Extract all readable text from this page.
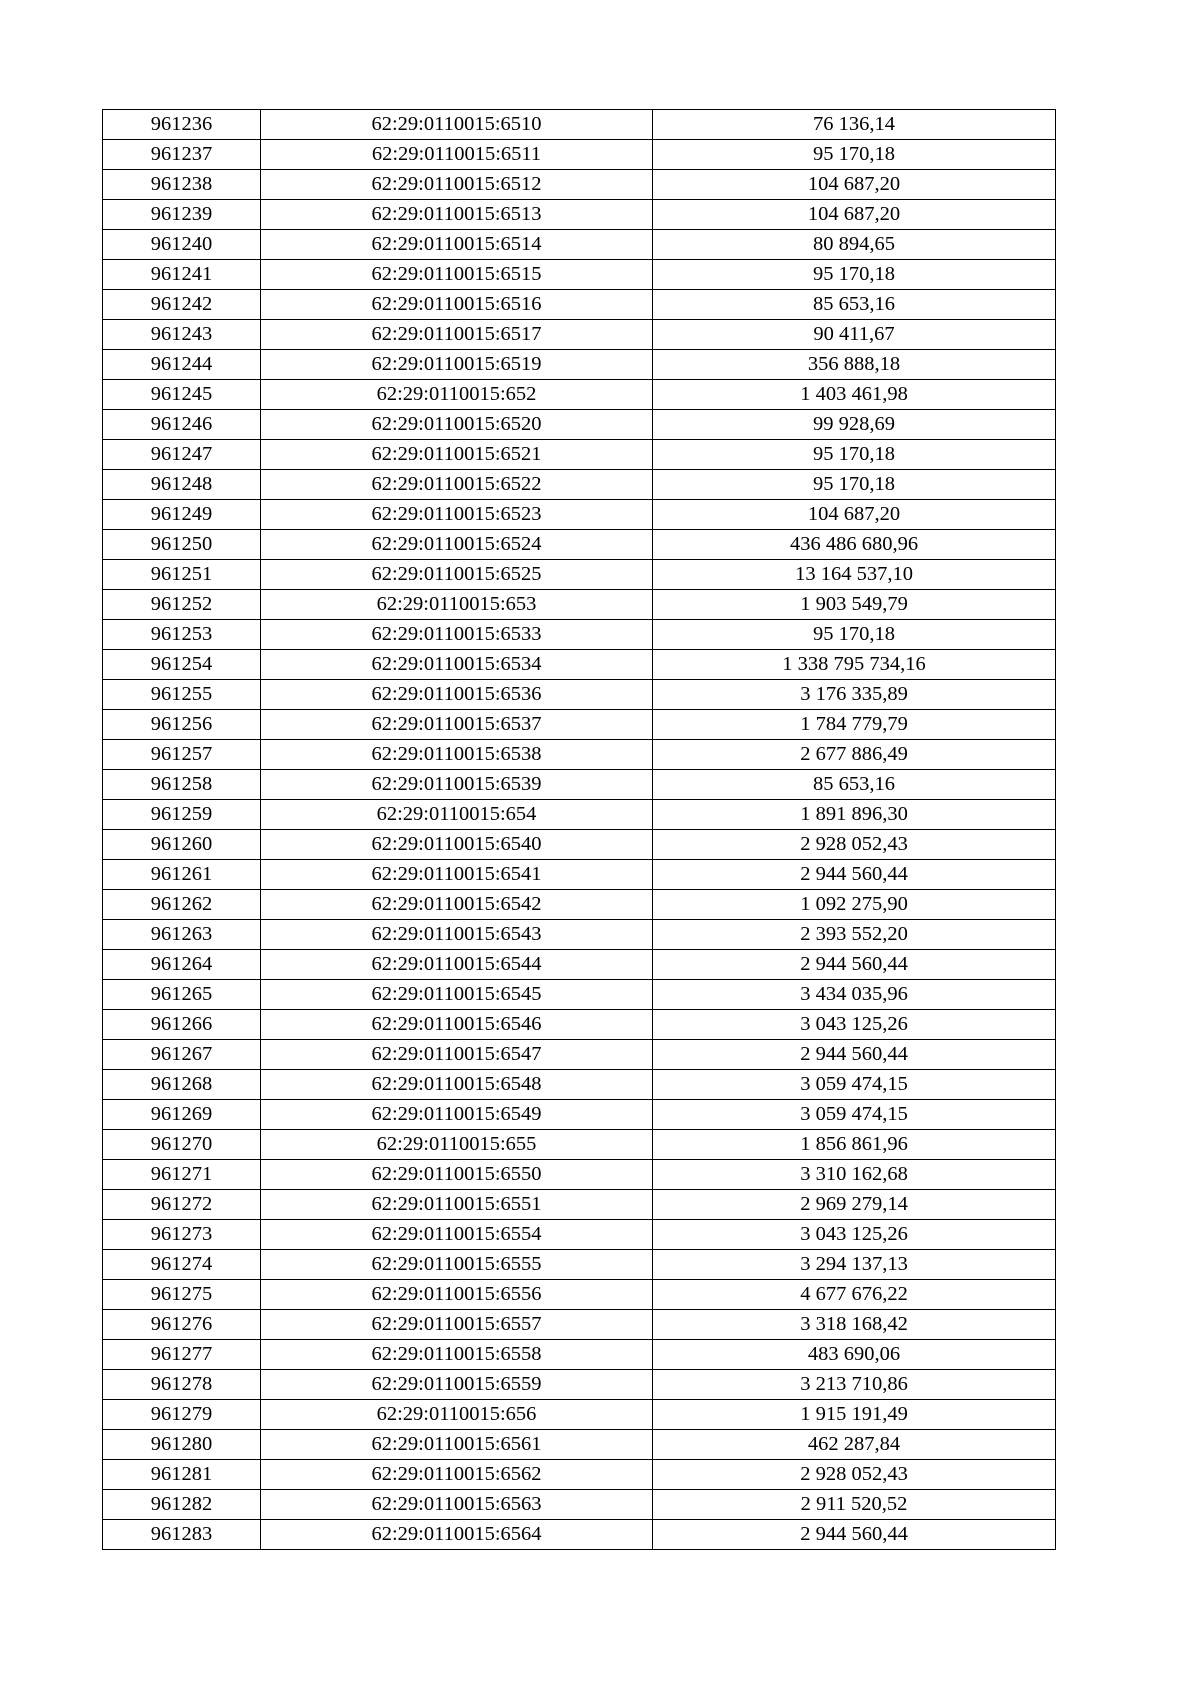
961236	62:29:0110015:6510	76 136,14
961237	62:29:0110015:6511	95 170,18
961238	62:29:0110015:6512	104 687,20
961239	62:29:0110015:6513	104 687,20
961240	62:29:0110015:6514	80 894,65
961241	62:29:0110015:6515	95 170,18
961242	62:29:0110015:6516	85 653,16
961243	62:29:0110015:6517	90 411,67
961244	62:29:0110015:6519	356 888,18
961245	62:29:0110015:652	1 403 461,98
961246	62:29:0110015:6520	99 928,69
961247	62:29:0110015:6521	95 170,18
961248	62:29:0110015:6522	95 170,18
961249	62:29:0110015:6523	104 687,20
961250	62:29:0110015:6524	436 486 680,96
961251	62:29:0110015:6525	13 164 537,10
961252	62:29:0110015:653	1 903 549,79
961253	62:29:0110015:6533	95 170,18
961254	62:29:0110015:6534	1 338 795 734,16
961255	62:29:0110015:6536	3 176 335,89
961256	62:29:0110015:6537	1 784 779,79
961257	62:29:0110015:6538	2 677 886,49
961258	62:29:0110015:6539	85 653,16
961259	62:29:0110015:654	1 891 896,30
961260	62:29:0110015:6540	2 928 052,43
961261	62:29:0110015:6541	2 944 560,44
961262	62:29:0110015:6542	1 092 275,90
961263	62:29:0110015:6543	2 393 552,20
961264	62:29:0110015:6544	2 944 560,44
961265	62:29:0110015:6545	3 434 035,96
961266	62:29:0110015:6546	3 043 125,26
961267	62:29:0110015:6547	2 944 560,44
961268	62:29:0110015:6548	3 059 474,15
961269	62:29:0110015:6549	3 059 474,15
961270	62:29:0110015:655	1 856 861,96
961271	62:29:0110015:6550	3 310 162,68
961272	62:29:0110015:6551	2 969 279,14
961273	62:29:0110015:6554	3 043 125,26
961274	62:29:0110015:6555	3 294 137,13
961275	62:29:0110015:6556	4 677 676,22
961276	62:29:0110015:6557	3 318 168,42
961277	62:29:0110015:6558	483 690,06
961278	62:29:0110015:6559	3 213 710,86
961279	62:29:0110015:656	1 915 191,49
961280	62:29:0110015:6561	462 287,84
961281	62:29:0110015:6562	2 928 052,43
961282	62:29:0110015:6563	2 911 520,52
961283	62:29:0110015:6564	2 944 560,44
